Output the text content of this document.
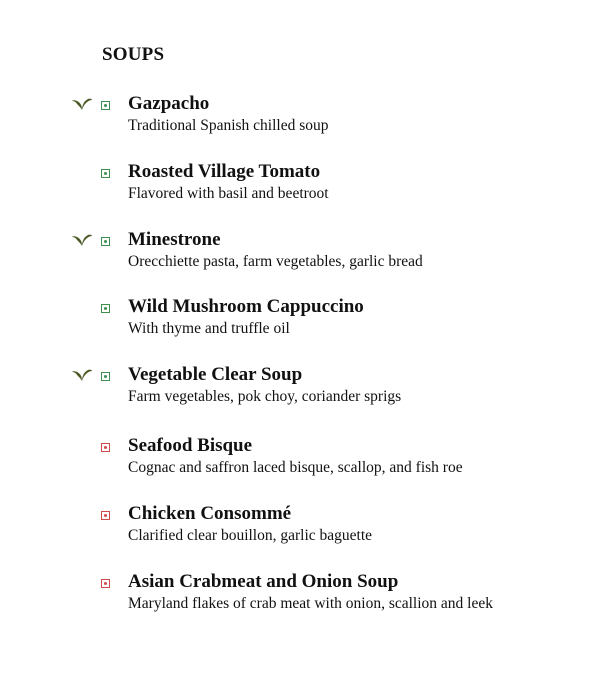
SOUPS
Gazpacho
Traditional Spanish chilled soup
Roasted Village Tomato
Flavored with basil and beetroot
Minestrone
Orecchiette pasta, farm vegetables, garlic bread
Wild Mushroom Cappuccino
With thyme and truffle oil
Vegetable Clear Soup
Farm vegetables, pok choy, coriander sprigs
Seafood Bisque
Cognac and saffron laced bisque, scallop, and fish roe
Chicken Consommé
Clarified clear bouillon, garlic baguette
Asian Crabmeat and Onion Soup
Maryland flakes of crab meat with onion, scallion and leek
